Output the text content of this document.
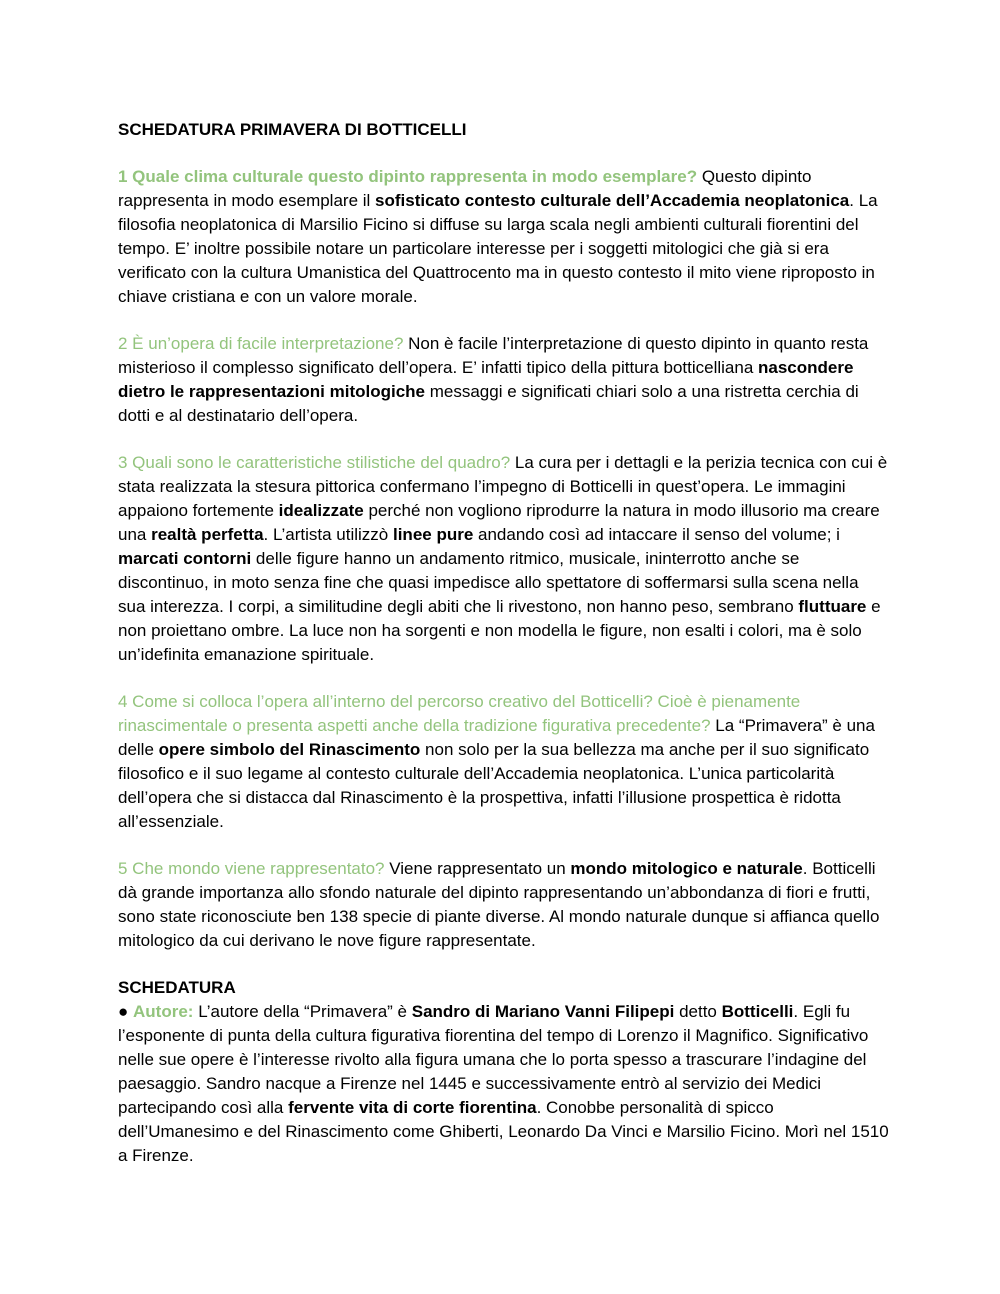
SCHEDATURA PRIMAVERA DI BOTTICELLI

1 Quale clima culturale questo dipinto rappresenta in modo esemplare? Questo dipinto rappresenta in modo esemplare il sofisticato contesto culturale dell’Accademia neoplatonica. La filosofia neoplatonica di Marsilio Ficino si diffuse su larga scala negli ambienti culturali fiorentini del tempo. E’ inoltre possibile notare un particolare interesse per i soggetti mitologici che già si era verificato con la cultura Umanistica del Quattrocento ma in questo contesto il mito viene riproposto in chiave cristiana e con un valore morale.

2 È un’opera di facile interpretazione? Non è facile l’interpretazione di questo dipinto in quanto resta misterioso il complesso significato dell’opera. E’ infatti tipico della pittura botticelliana nascondere dietro le rappresentazioni mitologiche messaggi e significati chiari solo a una ristretta cerchia di dotti e al destinatario dell’opera.

3 Quali sono le caratteristiche stilistiche del quadro? La cura per i dettagli e la perizia tecnica con cui è stata realizzata la stesura pittorica confermano l’impegno di Botticelli in quest’opera. Le immagini appaiono fortemente idealizzate perché non vogliono riprodurre la natura in modo illusorio ma creare una realtà perfetta. L’artista utilizzò linee pure andando così ad intaccare il senso del volume; i marcati contorni delle figure hanno un andamento ritmico, musicale, ininterrotto anche se discontinuo, in moto senza fine che quasi impedisce allo spettatore di soffermarsi sulla scena nella sua interezza. I corpi, a similitudine degli abiti che li rivestono, non hanno peso, sembrano fluttuare e non proiettano ombre. La luce non ha sorgenti e non modella le figure, non esalti i colori, ma è solo un’idefinita emanazione spirituale.

4 Come si colloca l’opera all’interno del percorso creativo del Botticelli? Cioè è pienamente rinascimentale o presenta aspetti anche della tradizione figurativa precedente? La “Primavera” è una delle opere simbolo del Rinascimento non solo per la sua bellezza ma anche per il suo significato filosofico e il suo legame al contesto culturale dell’Accademia neoplatonica. L’unica particolarità dell’opera che si distacca dal Rinascimento è la prospettiva, infatti l’illusione prospettica è ridotta all’essenziale.

5 Che mondo viene rappresentato? Viene rappresentato un mondo mitologico e naturale. Botticelli dà grande importanza allo sfondo naturale del dipinto rappresentando un’abbondanza di fiori e frutti, sono state riconosciute ben 138 specie di piante diverse. Al mondo naturale dunque si affianca quello mitologico da cui derivano le nove figure rappresentate.

SCHEDATURA

● Autore: L’autore della “Primavera” è Sandro di Mariano Vanni Filipepi detto Botticelli. Egli fu l’esponente di punta della cultura figurativa fiorentina del tempo di Lorenzo il Magnifico. Significativo nelle sue opere è l’interesse rivolto alla figura umana che lo porta spesso a trascurare l’indagine del paesaggio. Sandro nacque a Firenze nel 1445 e successivamente entrò al servizio dei Medici partecipando così alla fervente vita di corte fiorentina. Conobbe personalità di spicco dell’Umanesimo e del Rinascimento come Ghiberti, Leonardo Da Vinci e Marsilio Ficino. Morì nel 1510 a Firenze.
